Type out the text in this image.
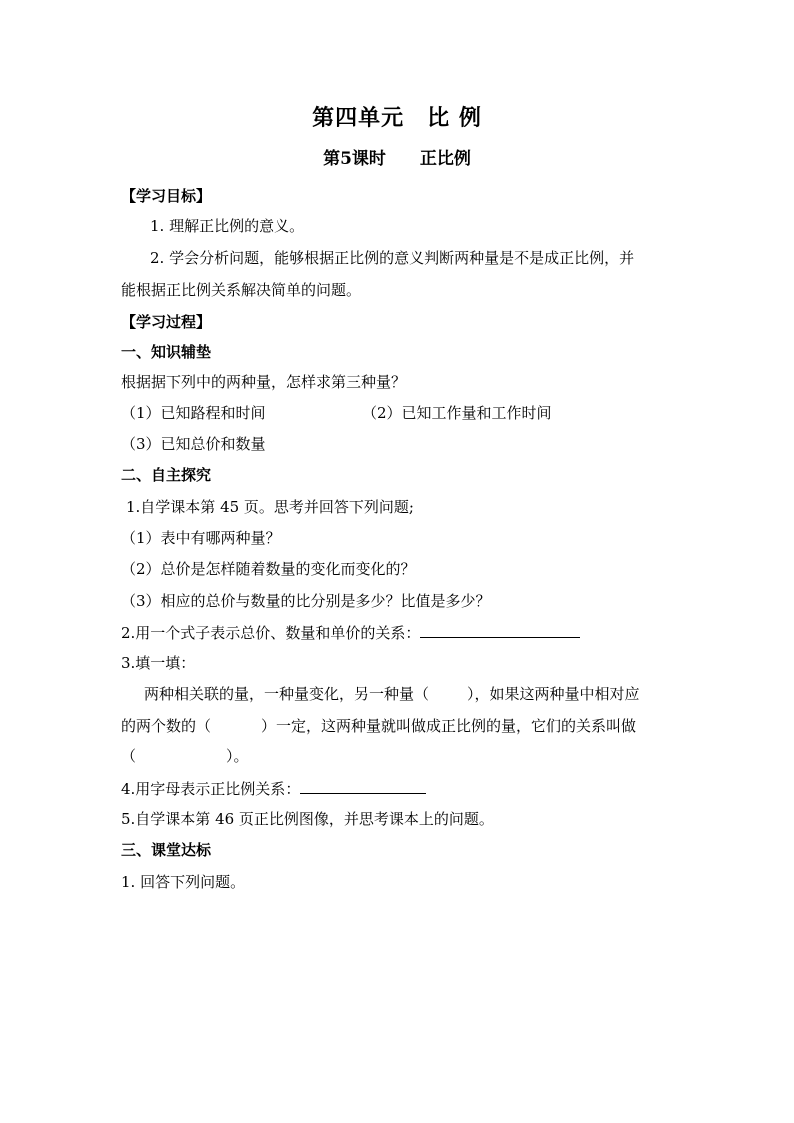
第四单元　比 例
第5课时　　正比例
【学习目标】
1. 理解正比例的意义。
2. 学会分析问题，能够根据正比例的意义判断两种量是不是成正比例，并
能根据正比例关系解决简单的问题。
【学习过程】
一、知识辅垫
根据据下列中的两种量，怎样求第三种量？
（1）已知路程和时间	（2）已知工作量和工作时间
（3）已知总价和数量
二、自主探究
1.自学课本第 45 页。思考并回答下列问题;
（1）表中有哪两种量？
（2）总价是怎样随着数量的变化而变化的？
（3）相应的总价与数量的比分别是多少？比值是多少？
2.用一个式子表示总价、数量和单价的关系：
3.填一填：
两种相关联的量，一种量变化，另一种量（	），如果这两种量中相对应
的两个数的（	）一定，这两种量就叫做成正比例的量，它们的关系叫做
（	）。
4.用字母表示正比例关系：
5.自学课本第 46 页正比例图像，并思考课本上的问题。
三、课堂达标
1. 回答下列问题。
